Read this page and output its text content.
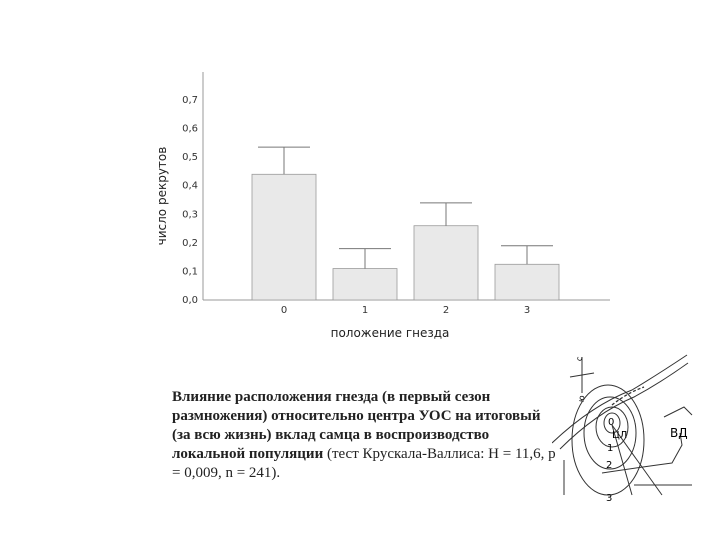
число рекрутов
положение гнезда
0,0
0,1
0,2
0,3
0,4
0,5
0,6
0,7
0	1	2	3
Влияние расположения гнезда (в первый сезон размножения) относительно центра УОС на итоговый (за всю жизнь) вклад самца в воспроизводство локальной популяции (тест Крускала-Валлиса: H = 11,6, p = 0,009, n = 241).
с
ю
0
ЦЛ
1
2
3
ВД
